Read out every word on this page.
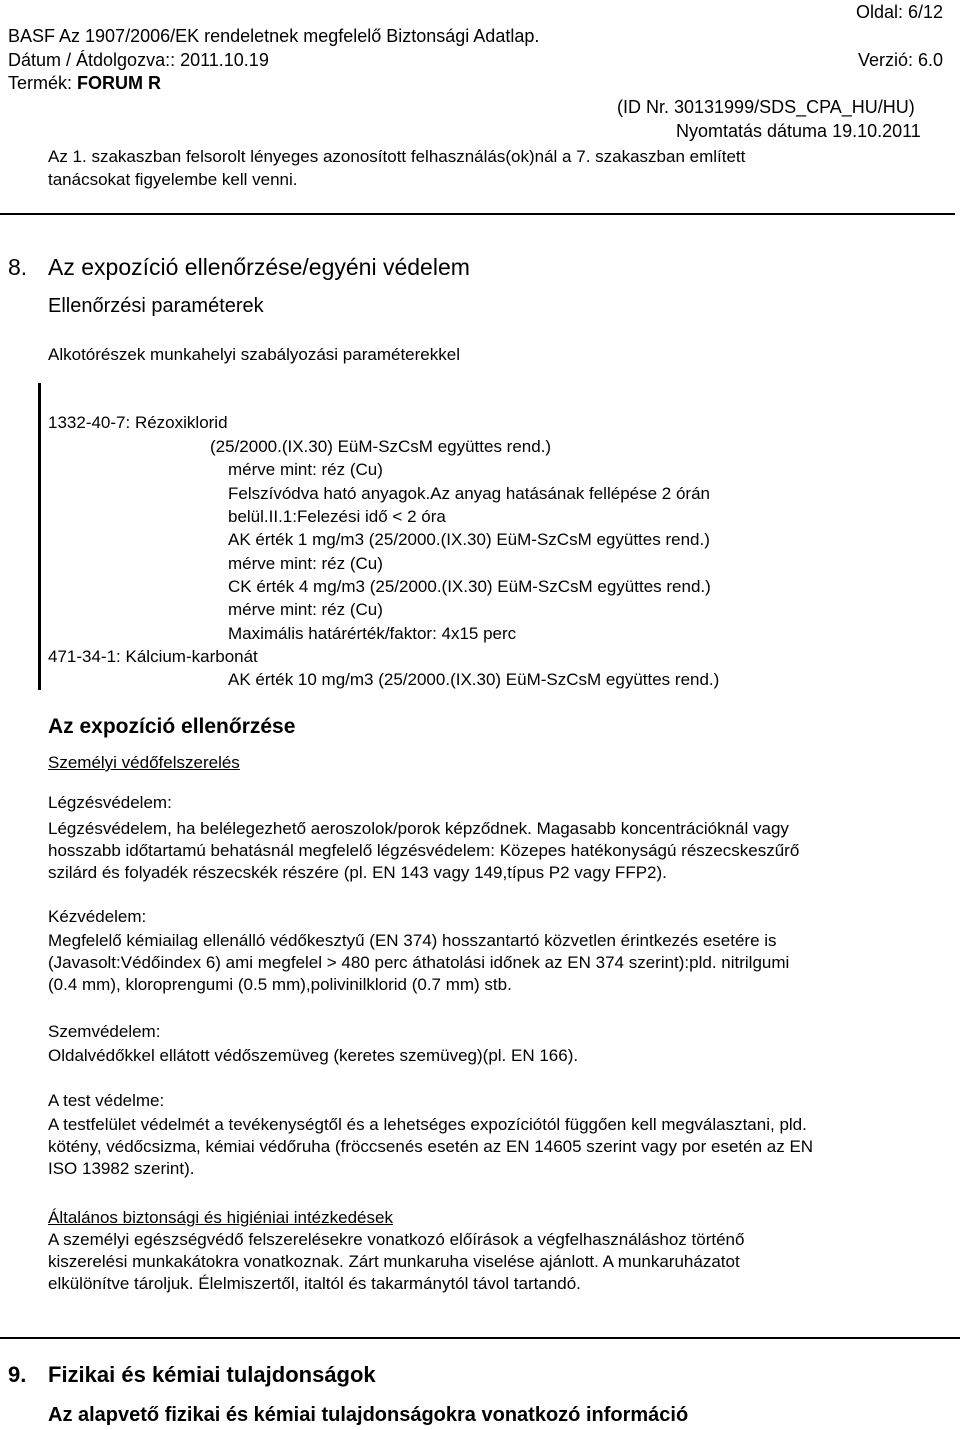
Oldal: 6/12
BASF Az 1907/2006/EK rendeletnek megfelelő Biztonsági Adatlap.
Dátum / Átdolgozva:: 2011.10.19	Verzió: 6.0
Termék: FORUM R
(ID Nr. 30131999/SDS_CPA_HU/HU)
Nyomtatás dátuma 19.10.2011
Az 1. szakaszban felsorolt lényeges azonosított felhasználás(ok)nál a 7. szakaszban említett
tanácsokat figyelembe kell venni.
8. Az expozíció ellenőrzése/egyéni védelem
Ellenőrzési paraméterek
Alkotórészek munkahelyi szabályozási paraméterekkel
1332-40-7: Rézoxiklorid
(25/2000.(IX.30) EüM-SzCsM együttes rend.)
mérve mint: réz (Cu)
Felszívódva ható anyagok.Az anyag hatásának fellépése 2 órán
belül.II.1:Felezési idő < 2 óra
AK érték 1 mg/m3 (25/2000.(IX.30) EüM-SzCsM együttes rend.)
mérve mint: réz (Cu)
CK érték 4 mg/m3 (25/2000.(IX.30) EüM-SzCsM együttes rend.)
mérve mint: réz (Cu)
Maximális határérték/faktor: 4x15 perc
471-34-1: Kálcium-karbonát
AK érték 10 mg/m3 (25/2000.(IX.30) EüM-SzCsM együttes rend.)
Az expozíció ellenőrzése
Személyi védőfelszerelés
Légzésvédelem:
Légzésvédelem, ha belélegezhető aeroszolok/porok képződnek. Magasabb koncentrációknál vagy
hosszabb időtartamú behatásnál megfelelő légzésvédelem: Közepes hatékonyságú részecskeszűrő
szilárd és folyadék részecskék részére (pl. EN 143 vagy 149,típus P2 vagy FFP2).
Kézvédelem:
Megfelelő kémiailag ellenálló védőkesztyű (EN 374) hosszantartó közvetlen érintkezés esetére is
(Javasolt:Védőindex 6) ami megfelel > 480 perc áthatolási időnek az EN 374 szerint):pld. nitrilgumi
(0.4 mm), kloroprengumi (0.5 mm),polivinilklorid (0.7 mm) stb.
Szemvédelem:
Oldalvédőkkel ellátott védőszemüveg (keretes szemüveg)(pl. EN 166).
A test védelme:
A testfelület védelmét a tevékenységtől és a lehetséges expozíciótól függően kell megválasztani, pld.
kötény, védőcsizma, kémiai védőruha (fröccsenés esetén az EN 14605 szerint vagy por esetén az EN
ISO 13982 szerint).
Általános biztonsági és higiéniai intézkedések
A személyi egészségvédő felszerelésekre vonatkozó előírások a végfelhasználáshoz történő
kiszerelési munkakátokra vonatkoznak. Zárt munkaruha viselése ajánlott. A munkaruházatot
elkülönítve tároljuk. Élelmiszertől, italtól és takarmánytól távol tartandó.
9. Fizikai és kémiai tulajdonságok
Az alapvető fizikai és kémiai tulajdonságokra vonatkozó információ
